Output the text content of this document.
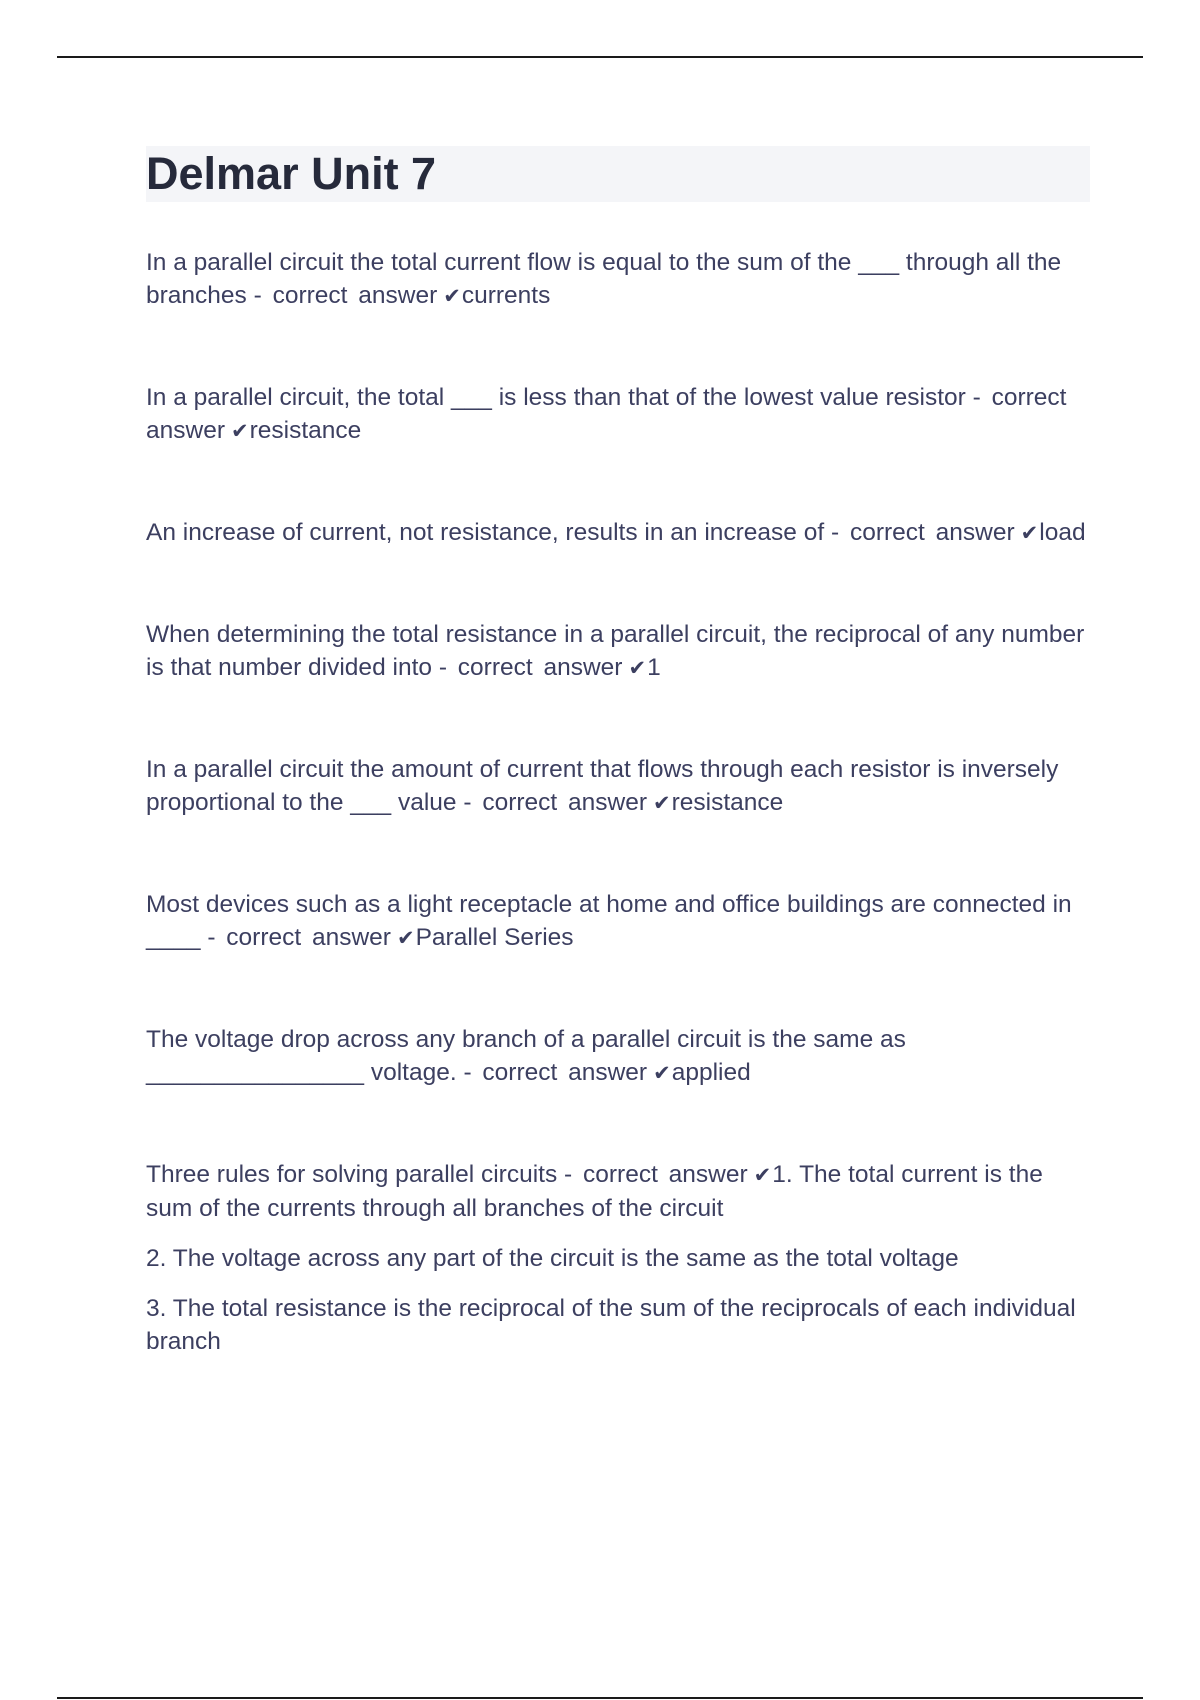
Delmar Unit 7

In a parallel circuit the total current flow is equal to the sum of the ___ through all the branches - correct answer ✔currents

In a parallel circuit, the total ___ is less than that of the lowest value resistor - correct answer ✔resistance

An increase of current, not resistance, results in an increase of - correct answer ✔load

When determining the total resistance in a parallel circuit, the reciprocal of any number is that number divided into - correct answer ✔1

In a parallel circuit the amount of current that flows through each resistor is inversely proportional to the ___ value - correct answer ✔resistance

Most devices such as a light receptacle at home and office buildings are connected in ____ - correct answer ✔Parallel Series

The voltage drop across any branch of a parallel circuit is the same as ________________ voltage. - correct answer ✔applied

Three rules for solving parallel circuits - correct answer ✔1. The total current is the sum of the currents through all branches of the circuit
2. The voltage across any part of the circuit is the same as the total voltage
3. The total resistance is the reciprocal of the sum of the reciprocals of each individual branch
